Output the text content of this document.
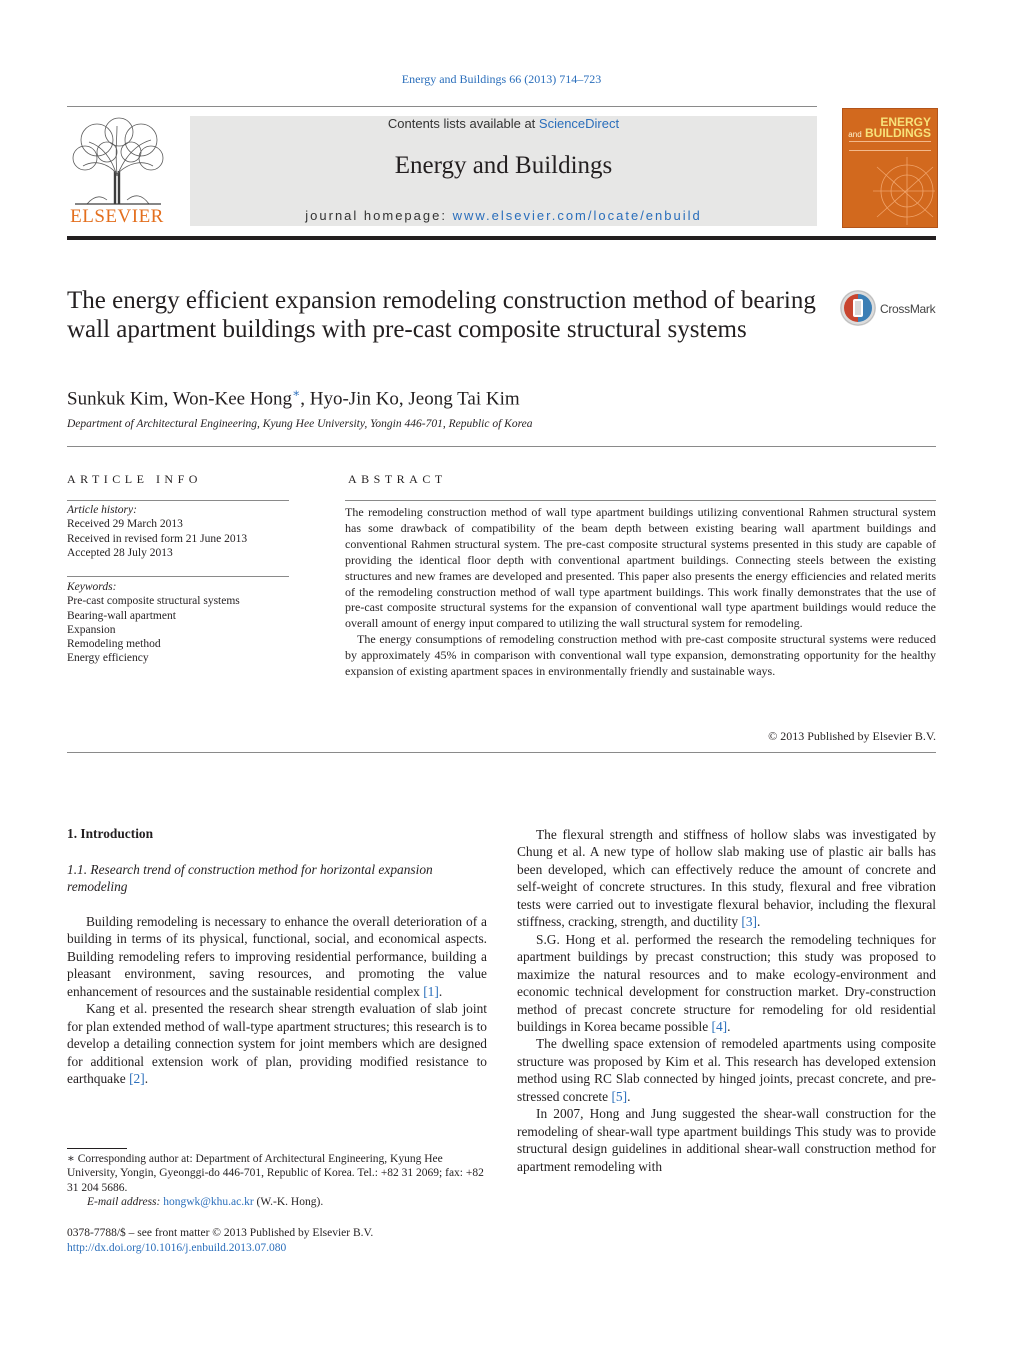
Energy and Buildings 66 (2013) 714–723
ELSEVIER
Contents lists available at ScienceDirect
Energy and Buildings
journal homepage: www.elsevier.com/locate/enbuild
ENERGY
and BUILDINGS
The energy efficient expansion remodeling construction method of bearing wall apartment buildings with pre-cast composite structural systems
CrossMark
Sunkuk Kim, Won-Kee Hong∗, Hyo-Jin Ko, Jeong Tai Kim
Department of Architectural Engineering, Kyung Hee University, Yongin 446-701, Republic of Korea
ARTICLE INFO	ABSTRACT
Article history:
Received 29 March 2013
Received in revised form 21 June 2013
Accepted 28 July 2013
Keywords:
Pre-cast composite structural systems
Bearing-wall apartment
Expansion
Remodeling method
Energy efficiency

The remodeling construction method of wall type apartment buildings utilizing conventional Rahmen structural system has some drawback of compatibility of the beam depth between existing bearing wall apartment buildings and conventional Rahmen structural system. The pre-cast composite structural systems presented in this study are capable of providing the identical floor depth with conventional apartment buildings. Connecting steels between the existing structures and new frames are developed and presented. This paper also presents the energy efficiencies and related merits of the remodeling construction method of wall type apartment buildings. This work finally demonstrates that the use of pre-cast composite structural systems for the expansion of conventional wall type apartment buildings would reduce the overall amount of energy input compared to utilizing the wall structural system for remodeling.

The energy consumptions of remodeling construction method with pre-cast composite structural systems were reduced by approximately 45% in comparison with conventional wall type expansion, demonstrating opportunity for the healthy expansion of existing apartment spaces in environmentally friendly and sustainable ways.

© 2013 Published by Elsevier B.V.
1. Introduction
1.1. Research trend of construction method for horizontal expansion remodeling

Building remodeling is necessary to enhance the overall deterioration of a building in terms of its physical, functional, social, and economical aspects. Building remodeling refers to improving residential performance, building a pleasant environment, saving resources, and promoting the value enhancement of resources and the sustainable residential complex [1].

Kang et al. presented the research shear strength evaluation of slab joint for plan extended method of wall-type apartment structures; this research is to develop a detailing connection system for joint members which are designed for additional extension work of plan, providing modified resistance to earthquake [2].

The flexural strength and stiffness of hollow slabs was investigated by Chung et al. A new type of hollow slab making use of plastic air balls has been developed, which can effectively reduce the amount of concrete and self-weight of concrete structures. In this study, flexural and free vibration tests were carried out to investigate flexural behavior, including the flexural stiffness, cracking, strength, and ductility [3].

S.G. Hong et al. performed the research the remodeling techniques for apartment buildings by precast construction; this study was proposed to maximize the natural resources and to make ecology-environment and economic technical development for construction market. Dry-construction method of precast concrete structure for remodeling for old residential buildings in Korea became possible [4].

The dwelling space extension of remodeled apartments using composite structure was proposed by Kim et al. This research has developed extension method using RC Slab connected by hinged joints, precast concrete, and pre-stressed concrete [5].

In 2007, Hong and Jung suggested the shear-wall construction for the remodeling of shear-wall type apartment buildings This study was to provide structural design guidelines in additional shear-wall construction method for apartment remodeling with

∗ Corresponding author at: Department of Architectural Engineering, Kyung Hee University, Yongin, Gyeonggi-do 446-701, Republic of Korea. Tel.: +82 31 2069; fax: +82 31 204 5686.

E-mail address: hongwk@khu.ac.kr (W.-K. Hong).

0378-7788/$ – see front matter © 2013 Published by Elsevier B.V.
http://dx.doi.org/10.1016/j.enbuild.2013.07.080
